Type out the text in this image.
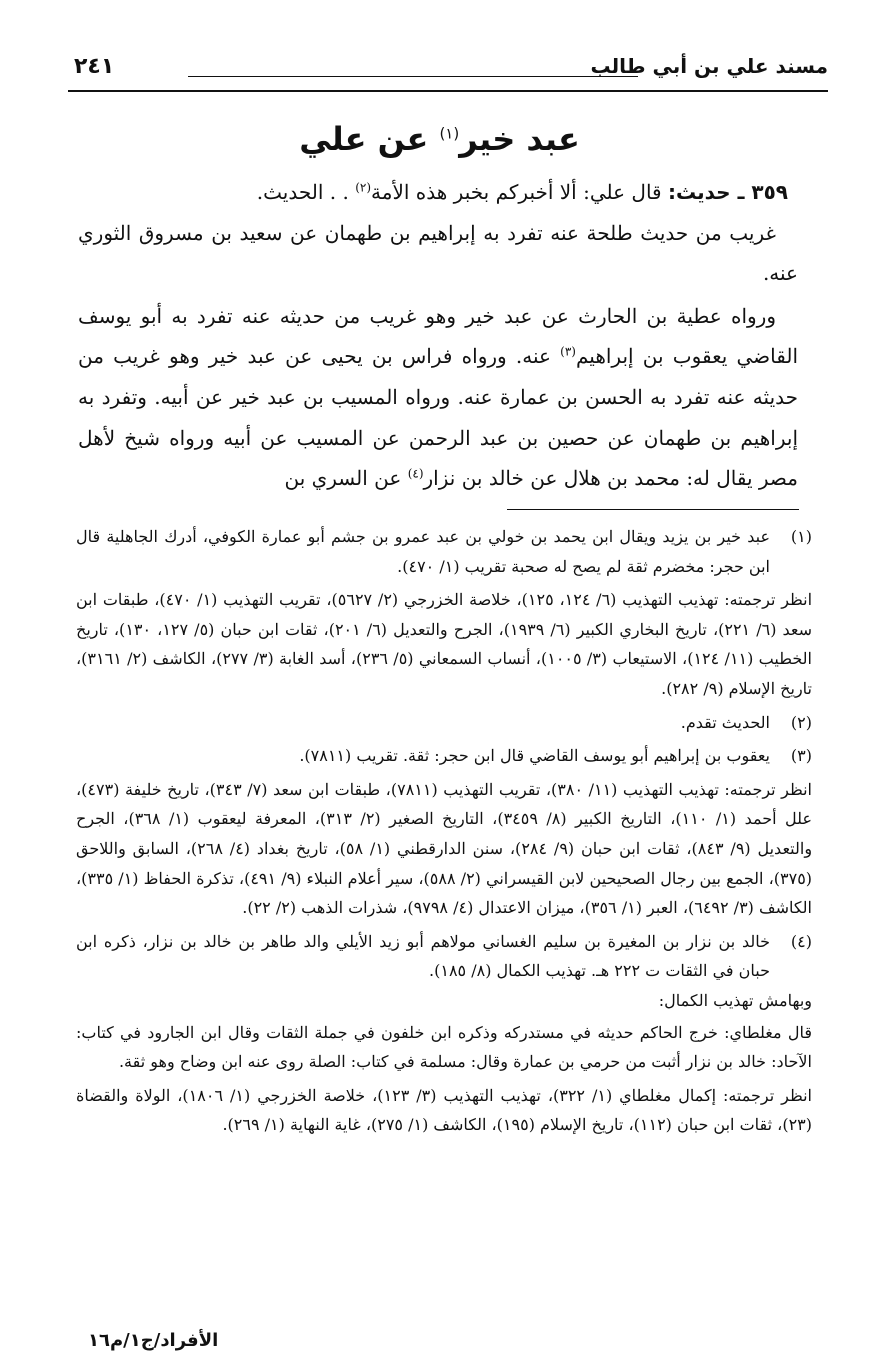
مسند علي بن أبي طالب
٢٤١
عبد خير$^{(١)}$ عن علي

٣٥٩ ـ حديث: قال علي: ألا أخبركم بخبر هذه الأمة$^{(٢)}$ . . الحديث.

غريب من حديث طلحة عنه تفرد به إبراهيم بن طهمان عن سعيد بن مسروق الثوري عنه.

ورواه عطية بن الحارث عن عبد خير وهو غريب من حديثه عنه تفرد به أبو يوسف القاضي يعقوب بن إبراهيم$^{(٣)}$ عنه. ورواه فراس بن يحيى عن عبد خير وهو غريب من حديثه عنه تفرد به الحسن بن عمارة عنه. ورواه المسيب بن عبد خير عن أبيه. وتفرد به إبراهيم بن طهمان عن حصين بن عبد الرحمن عن المسيب عن أبيه ورواه شيخ لأهل مصر يقال له: محمد بن هلال عن خالد بن نزار$^{(٤)}$ عن السري بن

(١)

عبد خير بن يزيد ويقال ابن يحمد بن خولي بن عبد عمرو بن جشم أبو عمارة الكوفي، أدرك الجاهلية قال ابن حجر: مخضرم ثقة لم يصح له صحبة تقريب (١/ ٤٧٠).

انظر ترجمته: تهذيب التهذيب (٦/ ١٢٤، ١٢٥)، خلاصة الخزرجي (٢/ ٥٦٢٧)، تقريب التهذيب (١/ ٤٧٠)، طبقات ابن سعد (٦/ ٢٢١)، تاريخ البخاري الكبير (٦/ ١٩٣٩)، الجرح والتعديل (٦/ ٢٠١)، ثقات ابن حبان (٥/ ١٢٧، ١٣٠)، تاريخ الخطيب (١١/ ١٢٤)، الاستيعاب (٣/ ١٠٠٥)، أنساب السمعاني (٥/ ٢٣٦)، أسد الغابة (٣/ ٢٧٧)، الكاشف (٢/ ٣١٦١)، تاريخ الإسلام (٩/ ٢٨٢).
(٢)

الحديث تقدم.

(٣)

يعقوب بن إبراهيم أبو يوسف القاضي قال ابن حجر: ثقة. تقريب (٧٨١١).

انظر ترجمته: تهذيب التهذيب (١١/ ٣٨٠)، تقريب التهذيب (٧٨١١)، طبقات ابن سعد (٧/ ٣٤٣)، تاريخ خليفة (٤٧٣)، علل أحمد (١/ ١١٠)، التاريخ الكبير (٨/ ٣٤٥٩)، التاريخ الصغير (٢/ ٣١٣)، المعرفة ليعقوب (١/ ٣٦٨)، الجرح والتعديل (٩/ ٨٤٣)، ثقات ابن حبان (٩/ ٢٨٤)، سنن الدارقطني (١/ ٥٨)، تاريخ بغداد (٤/ ٢٦٨)، السابق واللاحق (٣٧٥)، الجمع بين رجال الصحيحين لابن القيسراني (٢/ ٥٨٨)، سير أعلام النبلاء (٩/ ٤٩١)، تذكرة الحفاظ (١/ ٣٣٥)، الكاشف (٣/ ٦٤٩٢)، العبر (١/ ٣٥٦)، ميزان الاعتدال (٤/ ٩٧٩٨)، شذرات الذهب (٢/ ٢٢).
(٤)

خالد بن نزار بن المغيرة بن سليم الغساني مولاهم أبو زيد الأيلي والد طاهر بن خالد بن نزار، ذكره ابن حبان في الثقات ت ٢٢٢ هـ. تهذيب الكمال (٨/ ١٨٥).

وبهامش تهذيب الكمال:
قال مغلطاي: خرج الحاكم حديثه في مستدركه وذكره ابن خلفون في جملة الثقات وقال ابن الجارود في كتاب: الآحاد: خالد بن نزار أثبت من حرمي بن عمارة وقال: مسلمة في كتاب: الصلة روى عنه ابن وضاح وهو ثقة.
انظر ترجمته: إكمال مغلطاي (١/ ٣٢٢)، تهذيب التهذيب (٣/ ١٢٣)، خلاصة الخزرجي (١/ ١٨٠٦)، الولاة والقضاة (٢٣)، ثقات ابن حبان (١١٢)، تاريخ الإسلام (١٩٥)، الكاشف (١/ ٢٧٥)، غاية النهاية (١/ ٢٦٩).
الأفراد/ج١/م١٦
